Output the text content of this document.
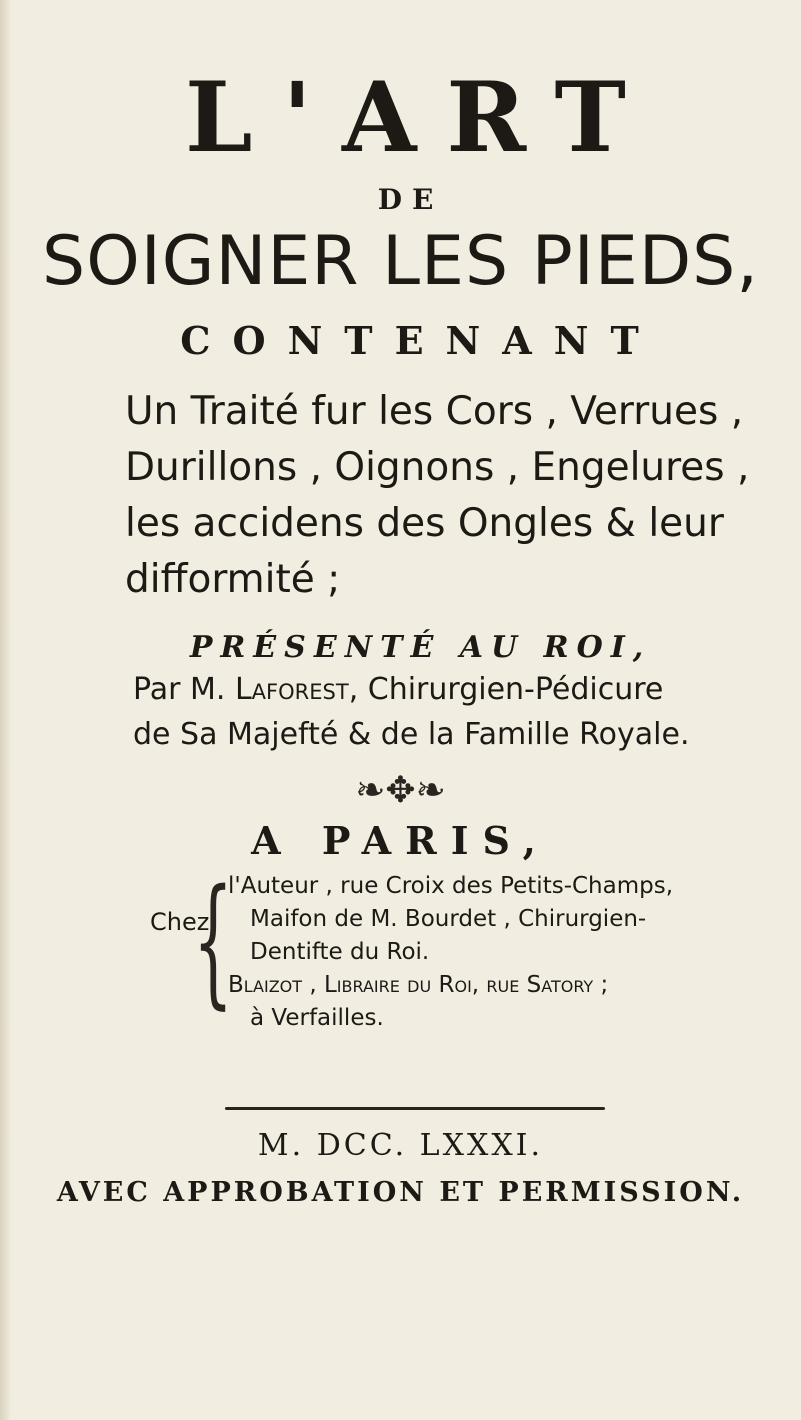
L'ART
DE
SOIGNER LES PIEDS,
CONTENANT
Un Traité fur les Cors , Verrues ,
Durillons , Oignons , Engelures ,
les accidens des Ongles & leur
difformité ;
PRÉSENTÉ AU ROI,
Par M. Laforest, Chirurgien-Pédicure
de Sa Majefté & de la Famille Royale.
❧✥❧
A PARIS,
Chez
{
l'Auteur , rue Croix des Petits-Champs,
Maifon de M. Bourdet , Chirurgien-
Dentifte du Roi.
Blaizot , Libraire du Roi, rue Satory ;
à Verfailles.
M. DCC. LXXXI.
AVEC APPROBATION ET PERMISSION.
